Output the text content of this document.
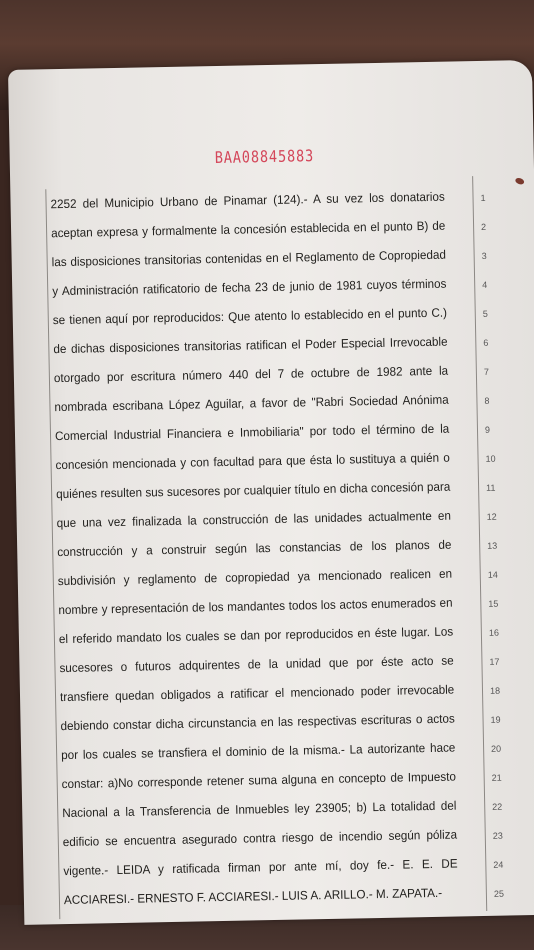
BAA08845883
2252 del Municipio Urbano de Pinamar (124).- A su vez los donatarios	1
aceptan expresa y formalmente la concesión establecida en el punto B) de	2
las disposiciones transitorias contenidas en el Reglamento de Copropiedad	3
y Administración ratificatorio de fecha 23 de junio de 1981 cuyos términos	4
se tienen aquí por reproducidos: Que atento lo establecido en el punto C.)	5
de dichas disposiciones transitorias ratifican el Poder Especial Irrevocable	6
otorgado por escritura número 440 del 7 de octubre de 1982 ante la	7
nombrada escribana López Aguilar, a favor de "Rabri Sociedad Anónima	8
Comercial Industrial Financiera e Inmobiliaria" por todo el término de la	9
concesión mencionada y con facultad para que ésta lo sustituya a quién o	10
quiénes resulten sus sucesores por cualquier título en dicha concesión para	11
que una vez finalizada la construcción de las unidades actualmente en	12
construcción y a construir según las constancias de los planos de	13
subdivisión y reglamento de copropiedad ya mencionado realicen en	14
nombre y representación de los mandantes todos los actos enumerados en	15
el referido mandato los cuales se dan por reproducidos en éste lugar. Los	16
sucesores o futuros adquirentes de la unidad que por éste acto se	17
transfiere quedan obligados a ratificar el mencionado poder irrevocable	18
debiendo constar dicha circunstancia en las respectivas escrituras o actos	19
por los cuales se transfiera el dominio de la misma.- La autorizante hace	20
constar: a)No corresponde retener suma alguna en concepto de Impuesto	21
Nacional a la Transferencia de Inmuebles ley 23905; b) La totalidad del	22
edificio se encuentra asegurado contra riesgo de incendio según póliza	23
vigente.- LEIDA y ratificada firman por ante mí, doy fe.- E. E. DE	24
ACCIARESI.- ERNESTO F. ACCIARESI.- LUIS A. ARILLO.- M. ZAPATA.-	25
